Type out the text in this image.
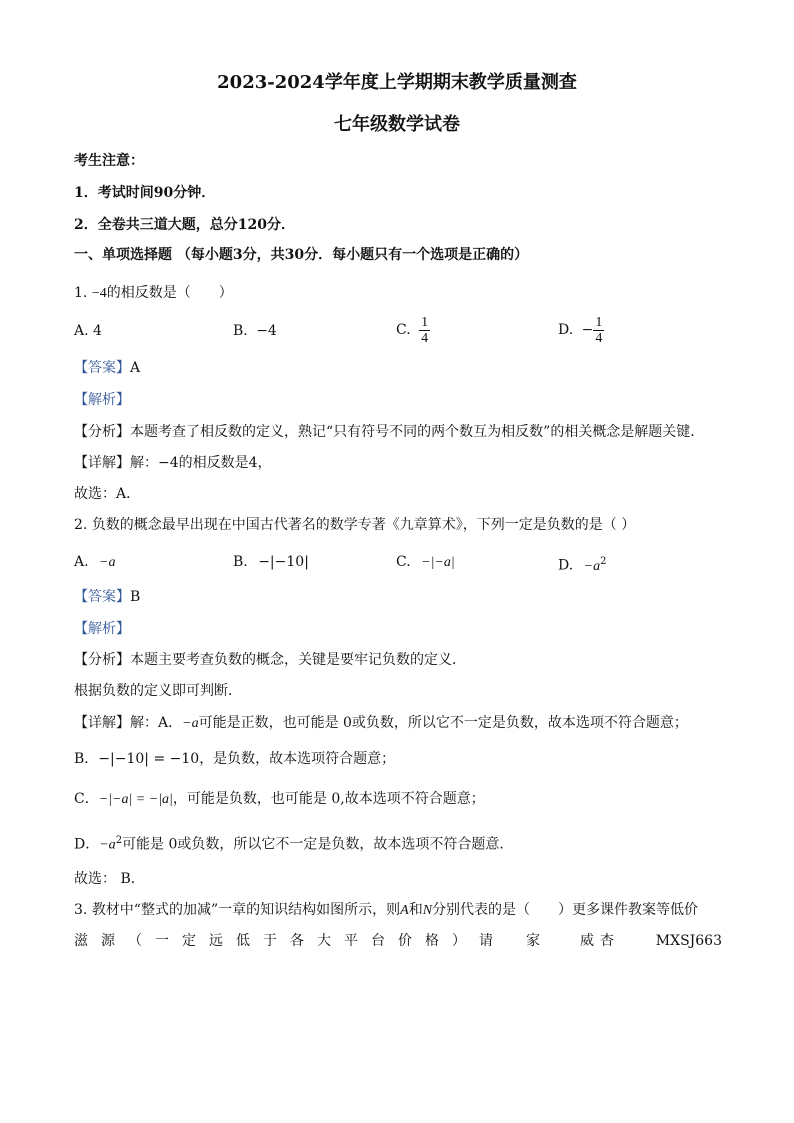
2023-2024学年度上学期期末教学质量测查
七年级数学试卷
考生注意：
1．考试时间90分钟．
2．全卷共三道大题，总分120分．
一、单项选择题 （每小题3分，共30分．每小题只有一个选项是正确的）
1. −4的相反数是（　　）
A. 4	B. −4	C. $\frac{1}{4}$	D. − $\frac{1}{4}$
【答案】A
【解析】
【分析】本题考查了相反数的定义，熟记“只有符号不同的两个数互为相反数”的相关概念是解题关键．
【详解】解：−4的相反数是4，
故选：A．
2. 负数的概念最早出现在中国古代著名的数学专著《九章算术》，下列一定是负数的是（ ）
A. −a	B. −|−10|	C. −|−a|	D. $-a^2$
【答案】B
【解析】
【分析】本题主要考查负数的概念，关键是要牢记负数的定义．
根据负数的定义即可判断．
【详解】解：A．−a可能是正数，也可能是 0或负数，所以它不一定是负数，故本选项不符合题意；
B．−|−10| = −10，是负数，故本选项符合题意；
C．−|−a| = −|a|，可能是负数，也可能是 0,故本选项不符合题意；
D．$-a^2$可能是 0或负数，所以它不一定是负数，故本选项不符合题意．
故选： B．
3. 教材中“整式的加减”一章的知识结构如图所示，则A和N分别代表的是（　　）更多课件教案等低价
滋源（一定远低于各大平台价格）请 家	威杏	MXSJ663
